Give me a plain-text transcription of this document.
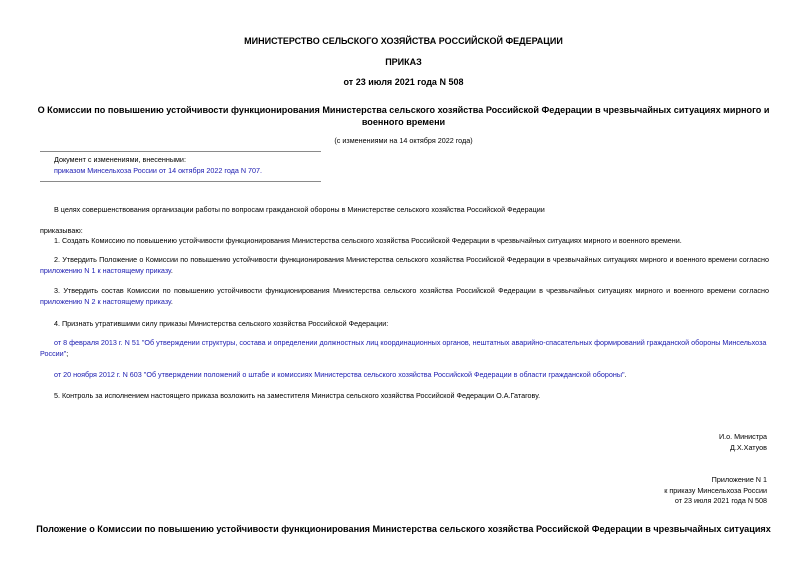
МИНИСТЕРСТВО СЕЛЬСКОГО ХОЗЯЙСТВА РОССИЙСКОЙ ФЕДЕРАЦИИ
ПРИКАЗ
от 23 июля 2021 года N 508
О Комиссии по повышению устойчивости функционирования Министерства сельского хозяйства Российской Федерации в чрезвычайных ситуациях мирного и
военного времени
(с изменениями на 14 октября 2022 года)
Документ с изменениями, внесенными:
приказом Минсельхоза России от 14 октября 2022 года N 707.
В целях совершенствования организации работы по вопросам гражданской обороны в Министерстве сельского хозяйства Российской Федерации
приказываю:
1. Создать Комиссию по повышению устойчивости функционирования Министерства сельского хозяйства Российской Федерации в чрезвычайных ситуациях мирного и военного времени.
2. Утвердить Положение о Комиссии по повышению устойчивости функционирования Министерства сельского хозяйства Российской Федерации в чрезвычайных ситуациях мирного и военного времени согласно приложению N 1 к настоящему приказу.
3. Утвердить состав Комиссии по повышению устойчивости функционирования Министерства сельского хозяйства Российской Федерации в чрезвычайных ситуациях мирного и военного времени согласно приложению N 2 к настоящему приказу.
4. Признать утратившими силу приказы Министерства сельского хозяйства Российской Федерации:
от 8 февраля 2013 г. N 51 "Об утверждении структуры, состава и определении должностных лиц координационных органов, нештатных аварийно-спасательных формирований гражданской обороны Минсельхоза России";
от 20 ноября 2012 г. N 603 "Об утверждении положений о штабе и комиссиях Министерства сельского хозяйства Российской Федерации в области гражданской обороны".
5. Контроль за исполнением настоящего приказа возложить на заместителя Министра сельского хозяйства Российской Федерации О.А.Гатагову.
И.о. Министра
Д.Х.Хатуов
Приложение N 1
к приказу Минсельхоза России
от 23 июля 2021 года N 508
Положение о Комиссии по повышению устойчивости функционирования Министерства сельского хозяйства Российской Федерации в чрезвычайных ситуациях
